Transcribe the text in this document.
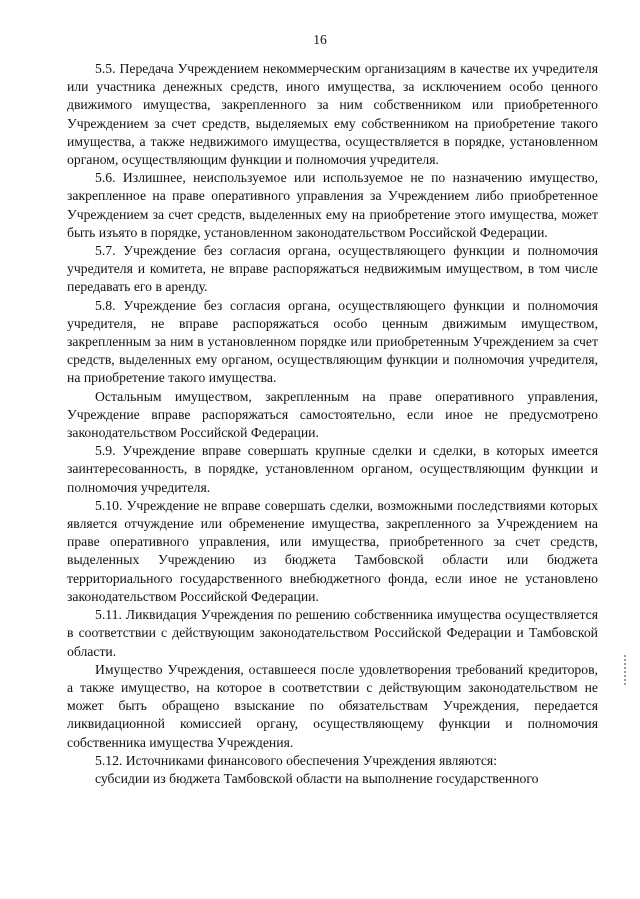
16

5.5. Передача Учреждением некоммерческим организациям в качестве их учредителя или участника денежных средств, иного имущества, за исключением особо ценного движимого имущества, закрепленного за ним собственником или приобретенного Учреждением за счет средств, выделяемых ему собственником на приобретение такого имущества, а также недвижимого имущества, осуществляется в порядке, установленном органом, осуществляющим функции и полномочия учредителя.

5.6. Излишнее, неиспользуемое или используемое не по назначению имущество, закрепленное на праве оперативного управления за Учреждением либо приобретенное Учреждением за счет средств, выделенных ему на приобретение этого имущества, может быть изъято в порядке, установленном законодательством Российской Федерации.

5.7. Учреждение без согласия органа, осуществляющего функции и полномочия учредителя и комитета, не вправе распоряжаться недвижимым имуществом, в том числе передавать его в аренду.

5.8. Учреждение без согласия органа, осуществляющего функции и полномочия учредителя, не вправе распоряжаться особо ценным движимым имуществом, закрепленным за ним в установленном порядке или приобретенным Учреждением за счет средств, выделенных ему органом, осуществляющим функции и полномочия учредителя, на приобретение такого имущества.

Остальным имуществом, закрепленным на праве оперативного управления, Учреждение вправе распоряжаться самостоятельно, если иное не предусмотрено законодательством Российской Федерации.

5.9. Учреждение вправе совершать крупные сделки и сделки, в которых имеется заинтересованность, в порядке, установленном органом, осуществляющим функции и полномочия учредителя.

5.10. Учреждение не вправе совершать сделки, возможными последствиями которых является отчуждение или обременение имущества, закрепленного за Учреждением на праве оперативного управления, или имущества, приобретенного за счет средств, выделенных Учреждению из бюджета Тамбовской области или бюджета территориального государственного внебюджетного фонда, если иное не установлено законодательством Российской Федерации.

5.11. Ликвидация Учреждения по решению собственника имущества осуществляется в соответствии с действующим законодательством Российской Федерации и Тамбовской области.

Имущество Учреждения, оставшееся после удовлетворения требований кредиторов, а также имущество, на которое в соответствии с действующим законодательством не может быть обращено взыскание по обязательствам Учреждения, передается ликвидационной комиссией органу, осуществляющему функции и полномочия собственника имущества Учреждения.

5.12. Источниками финансового обеспечения Учреждения являются:

субсидии из бюджета Тамбовской области на выполнение государственного
